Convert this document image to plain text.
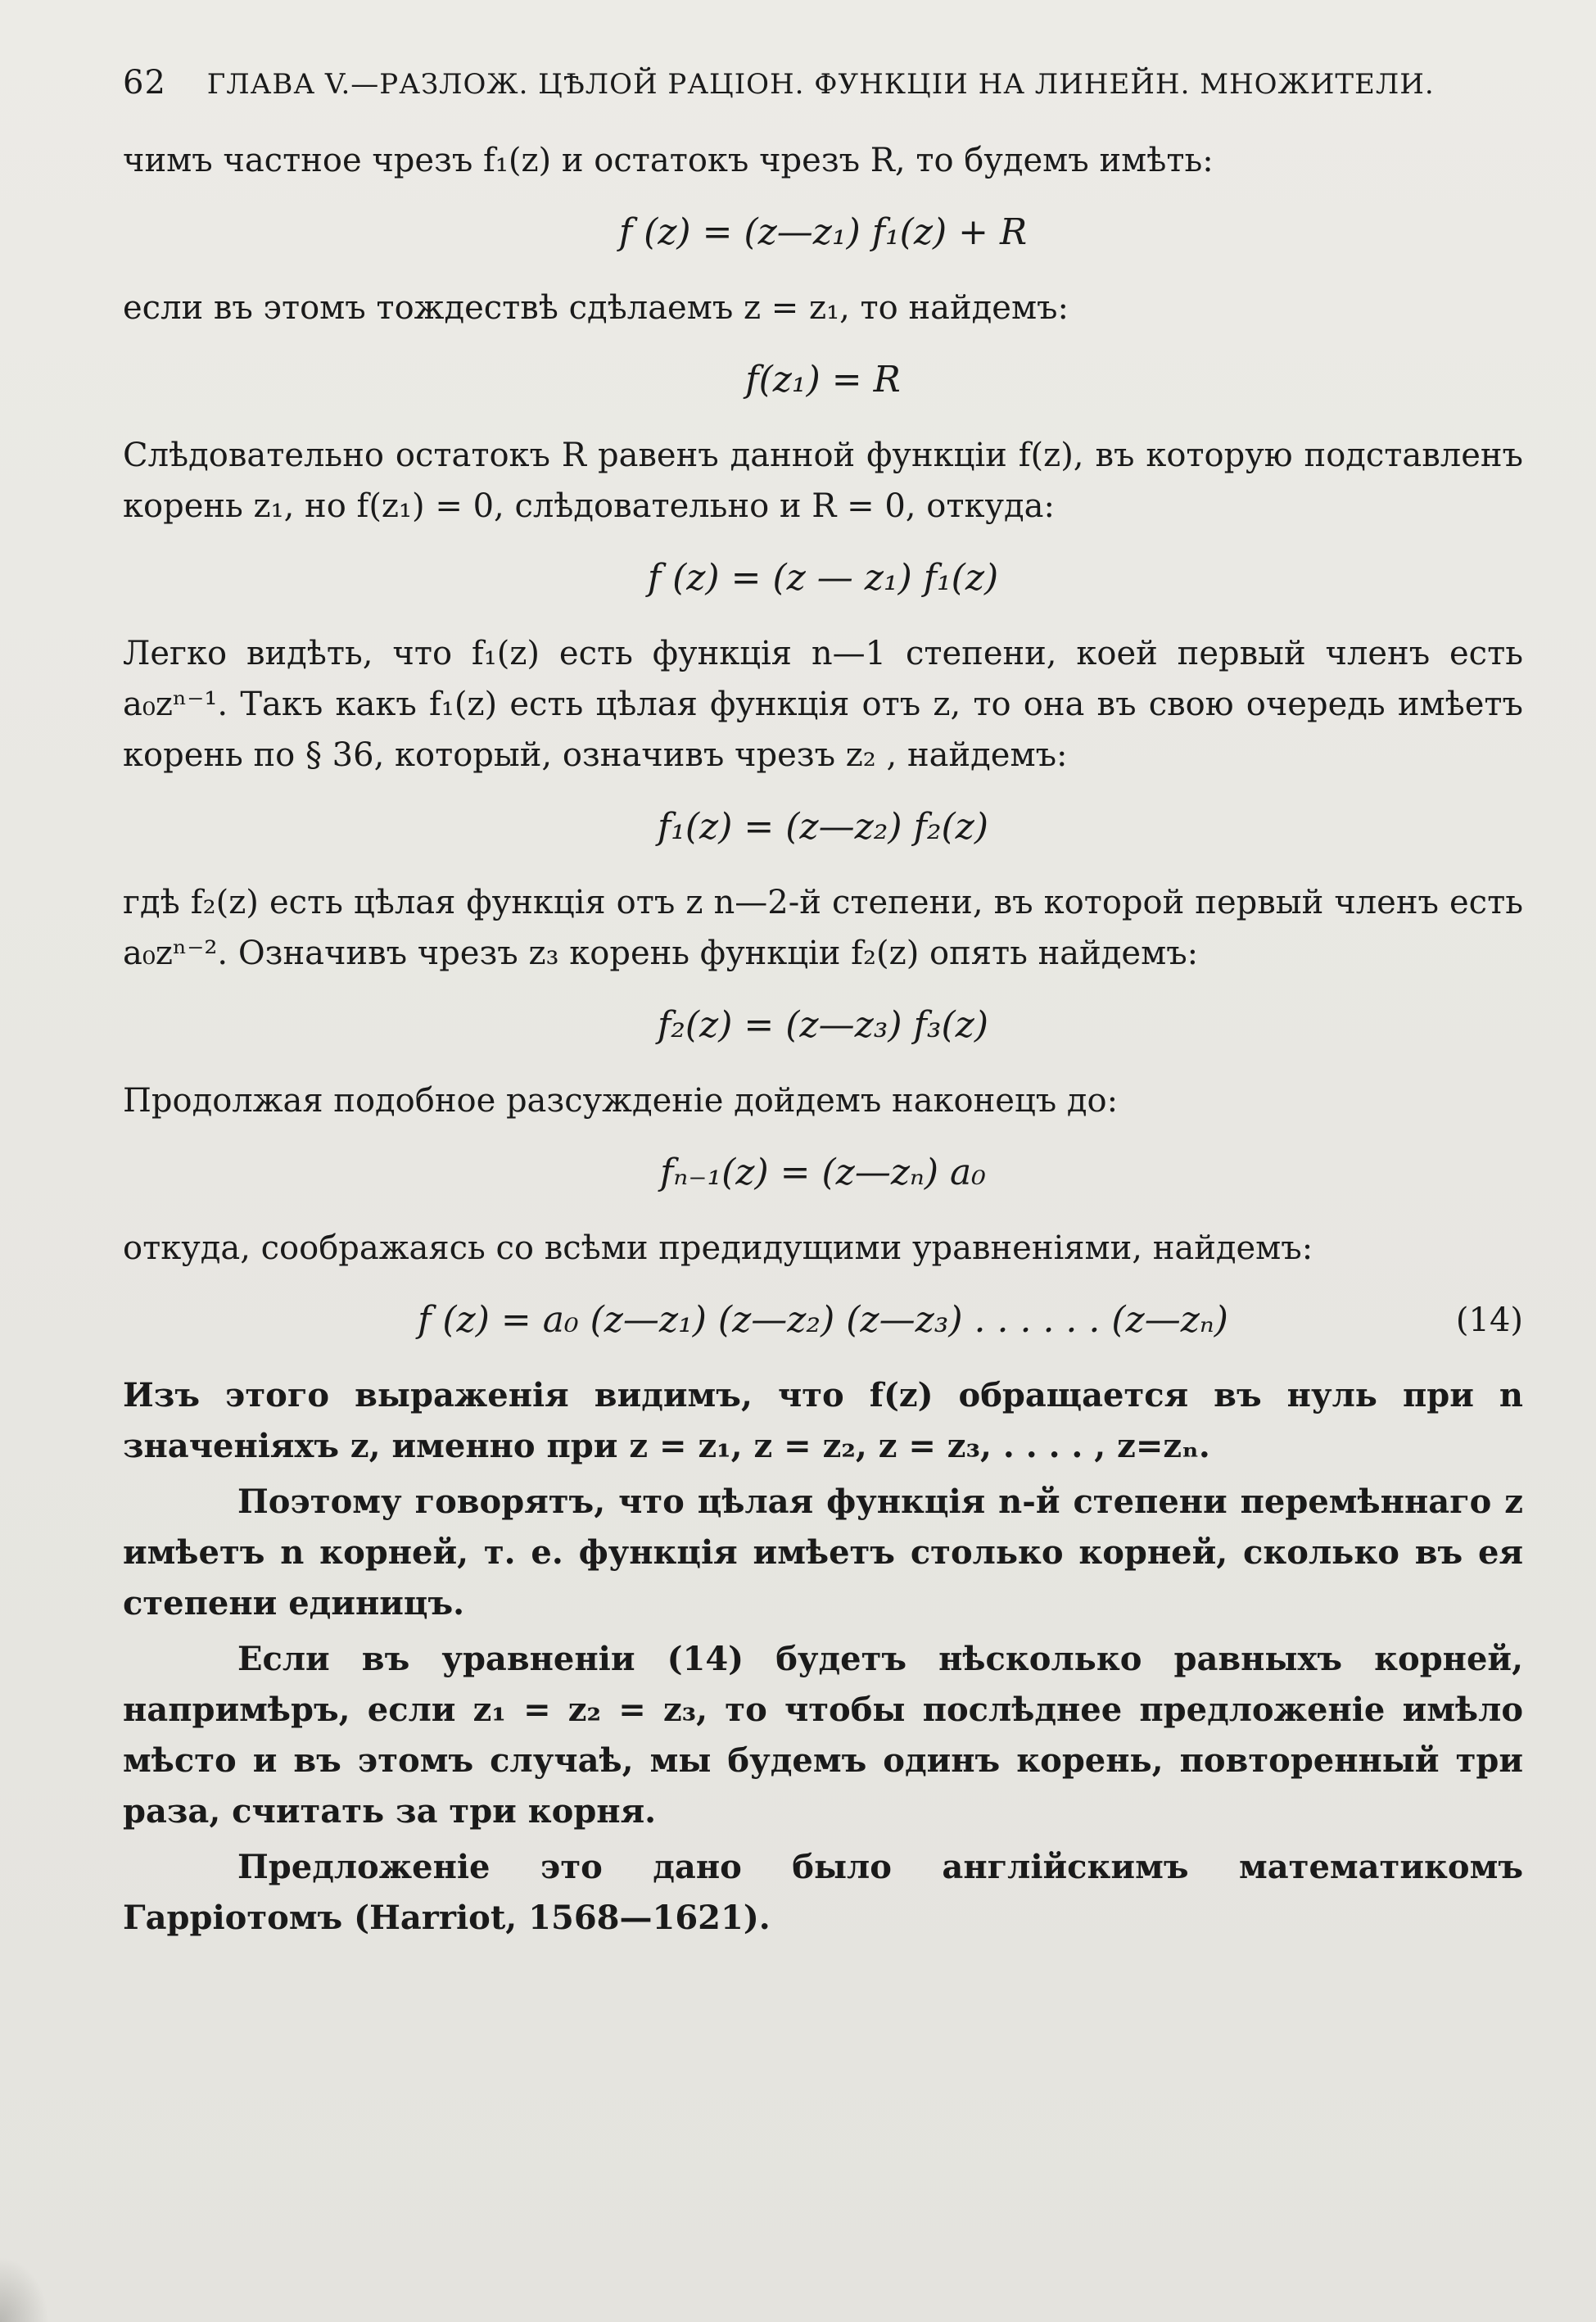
62 ГЛАВА V.—РАЗЛОЖ. ЦѢЛОЙ РАЦІОН. ФУНКЦІИ НА ЛИНЕЙН. МНОЖИТЕЛИ.

чимъ частное чрезъ f₁(z) и остатокъ чрезъ R, то будемъ имѣть:

f (z) = (z—z₁) f₁(z) + R

если въ этомъ тождествѣ сдѣлаемъ z = z₁, то найдемъ:

f(z₁) = R

Слѣдовательно остатокъ R равенъ данной функціи f(z), въ которую подставленъ корень z₁, но f(z₁) = 0, слѣдовательно и R = 0, откуда:

f (z) = (z — z₁) f₁(z)

Легко видѣть, что f₁(z) есть функція n—1 степени, коей первый членъ есть a₀zⁿ⁻¹. Такъ какъ f₁(z) есть цѣлая функція отъ z, то она въ свою очередь имѣетъ корень по § 36, который, означивъ чрезъ z₂ , найдемъ:

f₁(z) = (z—z₂) f₂(z)

гдѣ f₂(z) есть цѣлая функція отъ z n—2-й степени, въ которой первый членъ есть a₀zⁿ⁻². Означивъ чрезъ z₃ корень функціи f₂(z) опять найдемъ:

f₂(z) = (z—z₃) f₃(z)

Продолжая подобное разсужденіе дойдемъ наконецъ до:

fₙ₋₁(z) = (z—zₙ) a₀

откуда, соображаясь со всѣми предидущими уравненіями, найдемъ:

f (z) = a₀ (z—z₁) (z—z₂) (z—z₃) . . . . . . (z—zₙ)	(14)

Изъ этого выраженія видимъ, что f(z) обращается въ нуль при n значеніяхъ z, именно при z = z₁, z = z₂, z = z₃, . . . . , z=zₙ.

Поэтому говорятъ, что цѣлая функція n-й степени перемѣннаго z имѣетъ n корней, т. е. функція имѣетъ столько корней, сколько въ ея степени единицъ.

Если въ уравненіи (14) будетъ нѣсколько равныхъ корней, напримѣръ, если z₁ = z₂ = z₃, то чтобы послѣднее предложеніе имѣло мѣсто и въ этомъ случаѣ, мы будемъ одинъ корень, повторенный три раза, считать за три корня.

Предложеніе это дано было англійскимъ математикомъ Гарріотомъ (Harriot, 1568—1621).
